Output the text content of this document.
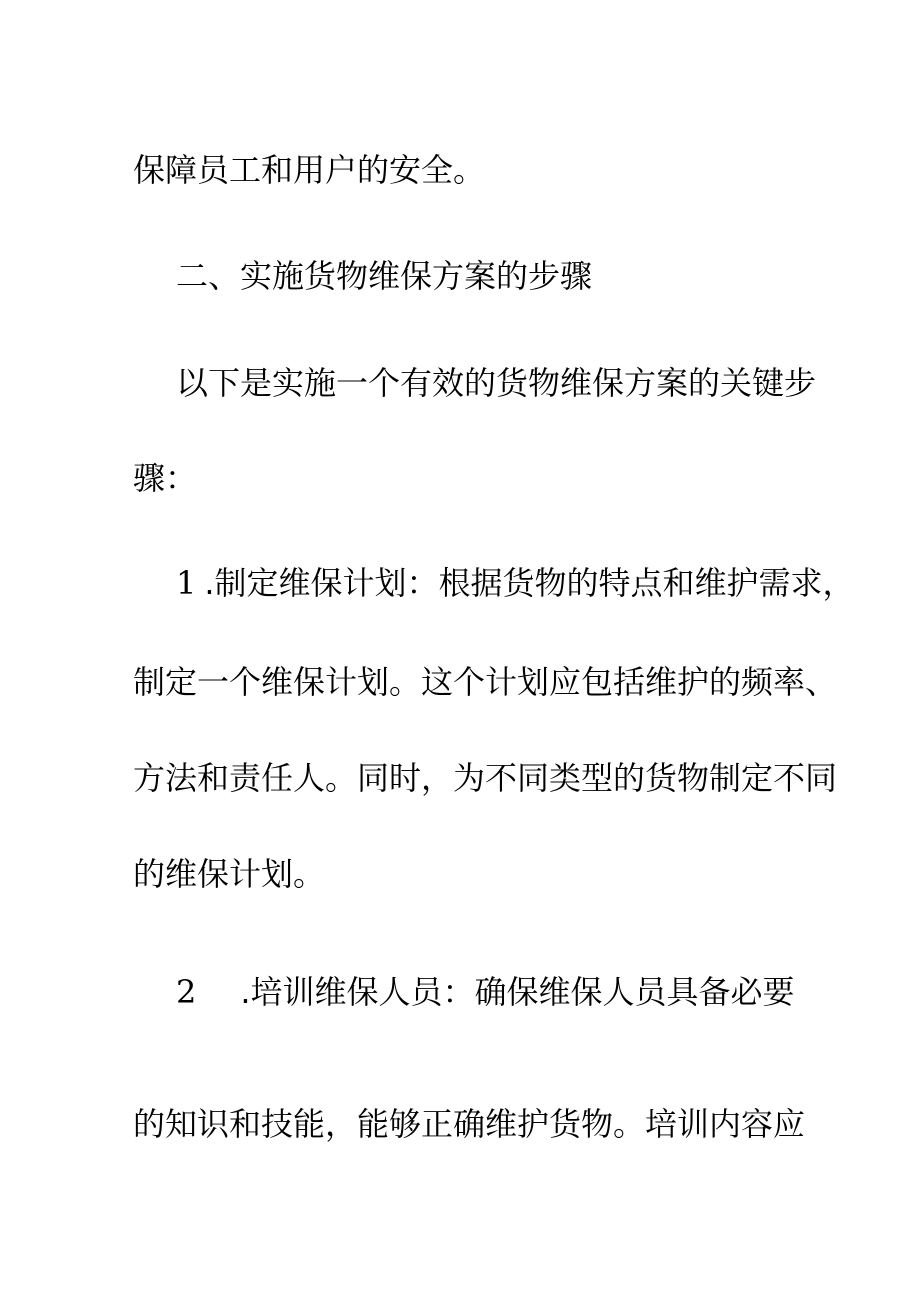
保障员工和用户的安全。
二、实施货物维保方案的步骤
以下是实施一个有效的货物维保方案的关键步
骤：
1 .制定维保计划：根据货物的特点和维护需求，
制定一个维保计划。这个计划应包括维护的频率、
方法和责任人。同时，为不同类型的货物制定不同
的维保计划。
2 .培训维保人员：确保维保人员具备必要
的知识和技能，能够正确维护货物。培训内容应
